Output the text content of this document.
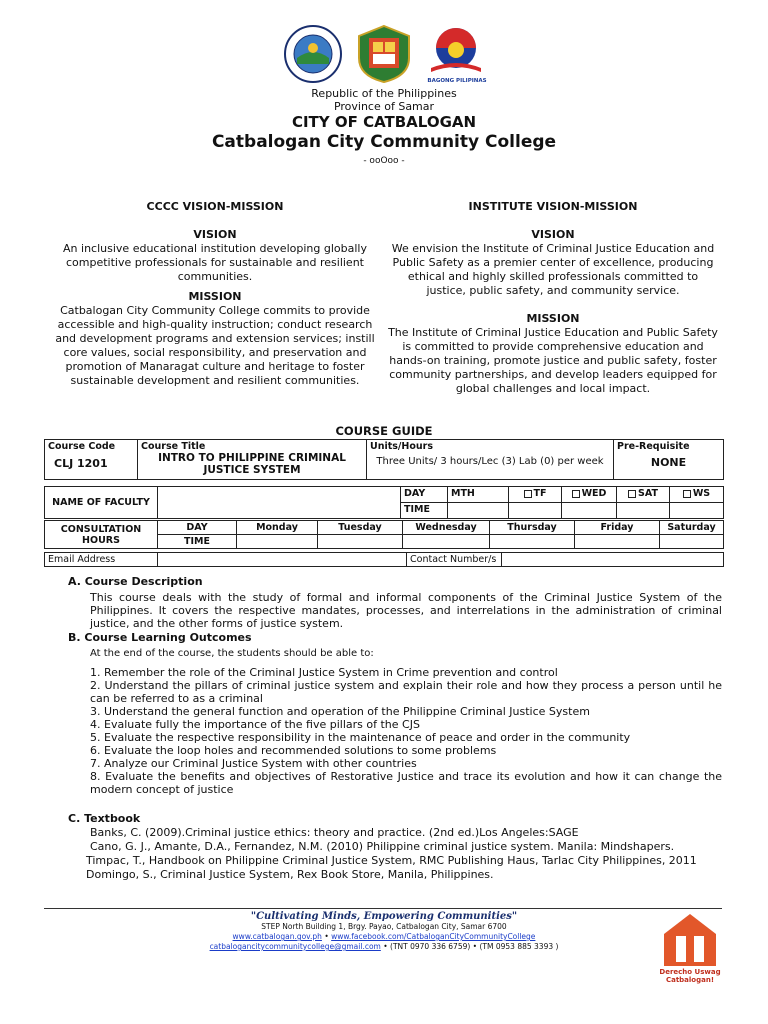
BAGONG PILIPINAS
Republic of the Philippines
Province of Samar
CITY OF CATBALOGAN
Catbalogan City Community College
- ooOoo -
CCCC VISION-MISSION
VISION
An inclusive educational institution developing globally competitive professionals for sustainable and resilient communities.
MISSION
Catbalogan City Community College commits to provide accessible and high-quality instruction; conduct research and development programs and extension services; instill core values, social responsibility, and preservation and promotion of Manaragat culture and heritage to foster sustainable development and resilient communities.
INSTITUTE VISION-MISSION
VISION
We envision the Institute of Criminal Justice Education and Public Safety as a premier center of excellence, producing ethical and highly skilled professionals committed to justice, public safety, and community service.
MISSION
The Institute of Criminal Justice Education and Public Safety is committed to provide comprehensive education and hands-on training, promote justice and public safety, foster community partnerships, and develop leaders equipped for global challenges and local impact.
COURSE GUIDE
Course Code
CLJ 1201

Course Title
INTRO TO PHILIPPINE CRIMINAL JUSTICE SYSTEM

Units/Hours
Three Units/ 3 hours/Lec (3) Lab (0) per week

Pre-Requisite
NONE
NAME OF FACULTY		DAY	MTH	TF	WED	SAT	WS
		TIME					
CONSULTATION HOURS	DAY	Monday	Tuesday	Wednesday	Thursday	Friday	Saturday
	TIME						
Email Address		Contact Number/s	
A. Course Description
This course deals with the study of formal and informal components of the Criminal Justice System of the Philippines. It covers the respective mandates, processes, and interrelations in the administration of criminal justice, and the other forms of justice system.
B. Course Learning Outcomes
At the end of the course, the students should be able to:
1. Remember the role of the Criminal Justice System in Crime prevention and control
2. Understand the pillars of criminal justice system and explain their role and how they process a person until he can be referred to as a criminal
3. Understand the general function and operation of the Philippine Criminal Justice System
4. Evaluate fully the importance of the five pillars of the CJS
5. Evaluate the respective responsibility in the maintenance of peace and order in the community
6. Evaluate the loop holes and recommended solutions to some problems
7. Analyze our Criminal Justice System with other countries
8. Evaluate the benefits and objectives of Restorative Justice and trace its evolution and how it can change the modern concept of justice
C. Textbook
Banks, C. (2009).Criminal justice ethics: theory and practice. (2nd ed.)Los Angeles:SAGE
Cano, G. J., Amante, D.A., Fernandez, N.M. (2010) Philippine criminal justice system. Manila: Mindshapers.
Timpac, T., Handbook on Philippine Criminal Justice System, RMC Publishing Haus, Tarlac City Philippines, 2011
Domingo, S., Criminal Justice System, Rex Book Store, Manila, Philippines.
"Cultivating Minds, Empowering Communities"
STEP North Building 1, Brgy. Payao, Catbalogan City, Samar 6700
www.catbalogan.gov.ph • www.facebook.com/CatbaloganCityCommunityCollege
catbalogancitycommunitycollege@gmail.com • (TNT 0970 336 6759) • (TM 0953 885 3393 )
Derecho Uswag
Catbalogan!
